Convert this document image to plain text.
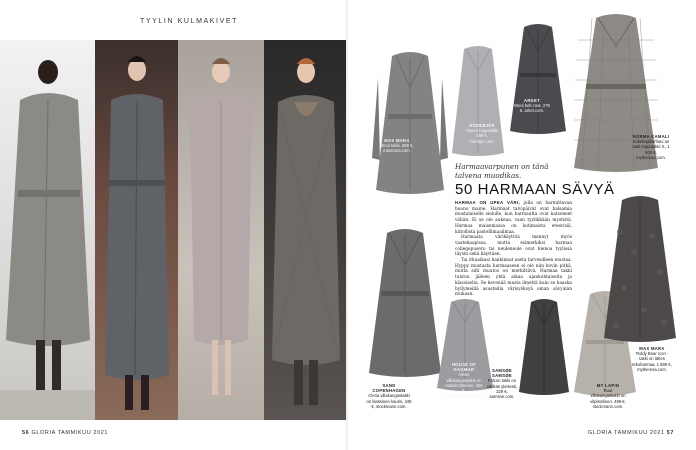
TYYLIN KULMAKIVET
56 GLORIA TAMMIKUU 2021	GLORIA TAMMIKUU 2021 57
MAX MARA
Wool takki, 699 €, maxmara.com.
RODEBJER
Tweed toppatakki 499 €, rodebjer.com.
ARKET
Wool belt coat, 279 €, arket.com.
NORMA KAMALI
Kalastajakamani on nätti toppatakki tr., 1 500 €, mytheresa.com.
Harmaavarpunen on tänä talvena muodikas.
50 HARMAAN SÄVYÄ

HARMAA ON UPEA VÄRI, jolla on harmittavan huono maine. Harmaat talvipäivät ovat balsamia mustalaiselle sielulle, kun harmautta ovat katsoneet vähän. Ei se ole aukeaa, vaan tyylikkään mystistä. Harmaa maisemassa on kotimaista eteerisiä, kiitollista pastellimaailmaa.

Harmaata värikäyttöä mennyt myös vaatekaapissa, mutta esimerkiksi harmaa collegepusero tai neuleneule ovat hienoa tyylissä täysin sekä käyttäen.

Tai itkuaikasi hankinnat aseta tarvesilleen mustaa. Hyppy mustasta harmaaseen ei ole niin kovin pitkä, mutta silti muutos on merkittävä. Harmaa takki tuntuu jälleen yhtä aikaa ajankohtaiselta ja klassiselta. Se kevenää musta ilmettä kuin se haaska hyllymeillä asusteilla värisyöksyä oman sävyalan mukaan.

SAND COPENHAGEN
Cleria villakangastakki on klassinen kauris, 449 €, stockmann.com.
HOUSE OF DAGMAR
Alisse villakangastakki on maksimittainen, 399 €, houseofdagmar.com.
SAMSØE SAMSØE
Falcon takki on värikäs yleisesti, 329 €, samsoe.com.
MY LAPIN
Ruut villakangastakki on vilpistolinen, 499 €, stockmann.com.
MAX MARA
Teddy Bear Icon -takki on lähes tekoharmaa, 1 889 €, mytheresa.com.
